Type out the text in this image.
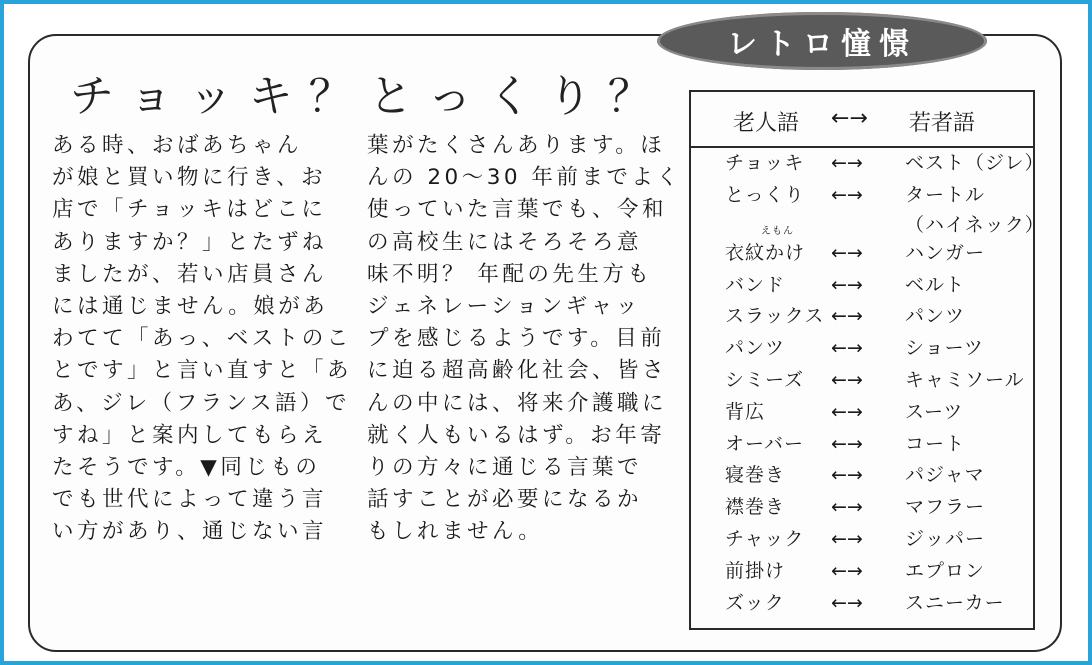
レトロ憧憬
チョッキ？とっくり？
ある時、おばあちゃん
が娘と買い物に行き、お
店で「チョッキはどこに
ありますか？」とたずね
ましたが、若い店員さん
には通じません。娘があ
わてて「あっ、ベストのこ
とです」と言い直すと「あ
あ、ジレ（フランス語）で
すね」と案内してもらえ
たそうです。▼同じもの
でも世代によって違う言
い方があり、通じない言
葉がたくさんあります。ほ
んの 20〜30 年前までよく
使っていた言葉でも、令和
の高校生にはそろそろ意
味不明？ 年配の先生方も
ジェネレーションギャッ
プを感じるようです。目前
に迫る超高齢化社会、皆さ
んの中には、将来介護職に
就く人もいるはず。お年寄
りの方々に通じる言葉で
話すことが必要になるか
もしれません。
老人語 ←→ 若者語
チョッキ ←→ ベスト（ジレ）
とっくり ←→ タートル
（ハイネック）
えもん
衣紋かけ ←→ ハンガー
バンド ←→ ベルト
スラックス ←→ パンツ
パンツ ←→ ショーツ
シミーズ ←→ キャミソール
背広	←→ スーツ
オーバー ←→ コート
寝巻き ←→ パジャマ
襟巻き ←→ マフラー
チャック ←→ ジッパー
前掛け ←→ エプロン
ズック ←→ スニーカー
